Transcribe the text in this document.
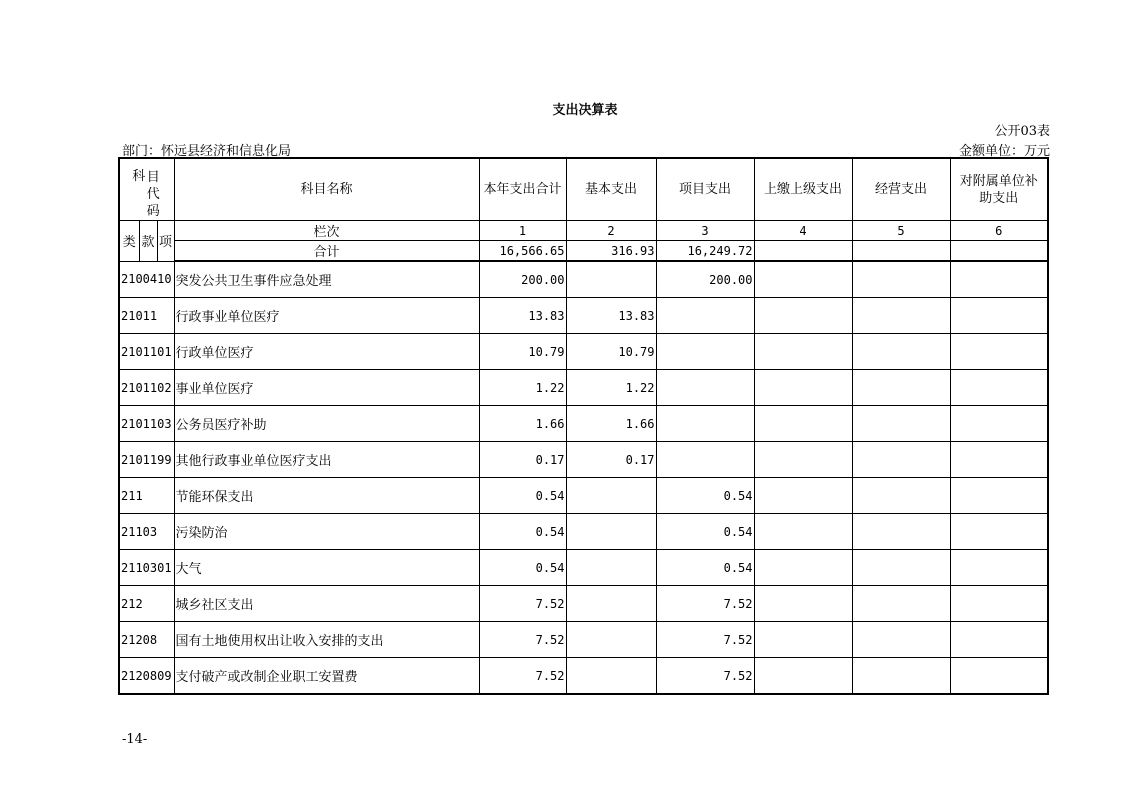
支出决算表
公开03表
部门：怀远县经济和信息化局	金额单位：万元
科 目代码			科目名称	本年支出合计	基本支出	项目支出	上缴上级支出	经营支出	对附属单位补助支出
类	款	项	栏次	1	2	3	4	5	6
			合计	16,566.65	316.93	16,249.72			
2100410			突发公共卫生事件应急处理	200.00		200.00			
21011			行政事业单位医疗	13.83	13.83				
2101101			行政单位医疗	10.79	10.79				
2101102			事业单位医疗	1.22	1.22				
2101103			公务员医疗补助	1.66	1.66				
2101199			其他行政事业单位医疗支出	0.17	0.17				
211			节能环保支出	0.54		0.54			
21103			污染防治	0.54		0.54			
2110301			大气	0.54		0.54			
212			城乡社区支出	7.52		7.52			
21208			国有土地使用权出让收入安排的支出	7.52		7.52			
2120809			支付破产或改制企业职工安置费	7.52		7.52			
-14-
